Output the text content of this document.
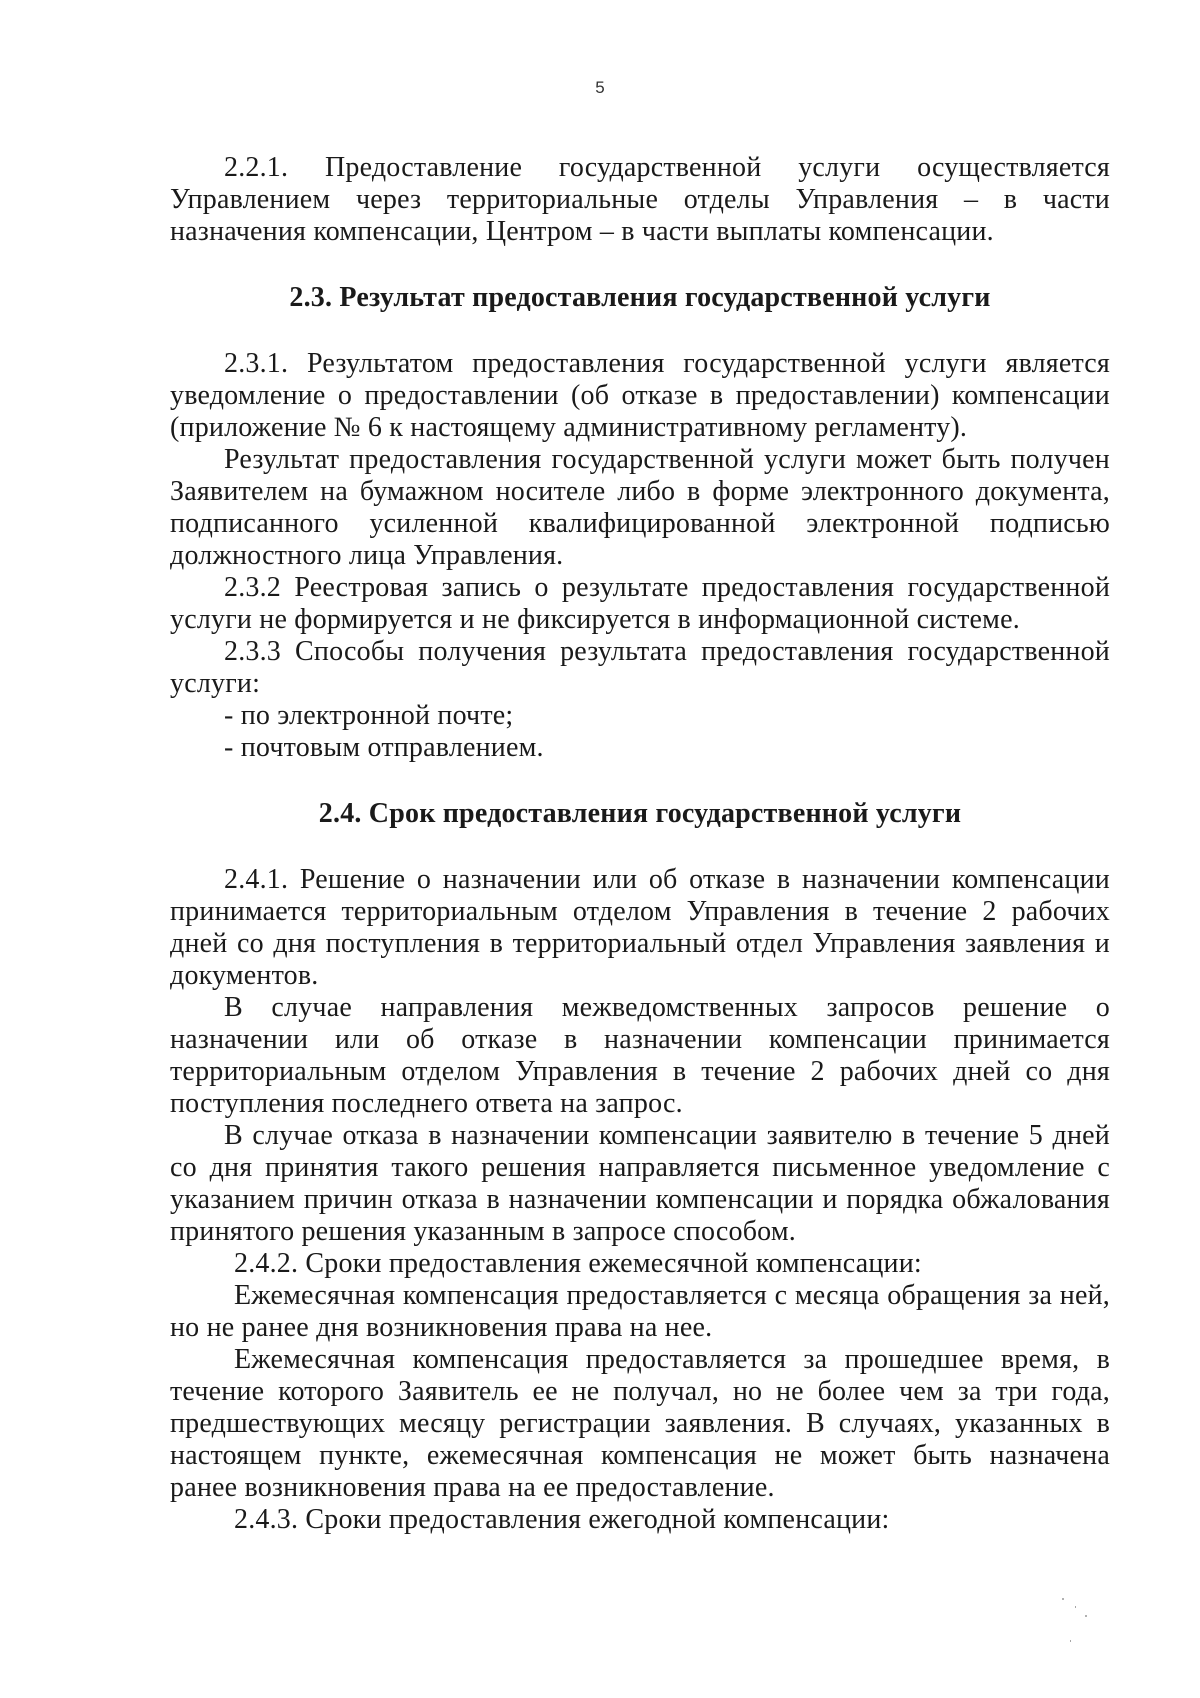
5

2.2.1. Предоставление государственной услуги осуществляется Управлением через территориальные отделы Управления – в части назначения компенсации, Центром – в части выплаты компенсации.

2.3. Результат предоставления государственной услуги

2.3.1. Результатом предоставления государственной услуги является уведомление о предоставлении (об отказе в предоставлении) компенсации (приложение № 6 к настоящему административному регламенту).

Результат предоставления государственной услуги может быть получен Заявителем на бумажном носителе либо в форме электронного документа, подписанного усиленной квалифицированной электронной подписью должностного лица Управления.

2.3.2 Реестровая запись о результате предоставления государственной услуги не формируется и не фиксируется в информационной системе.

2.3.3 Способы получения результата предоставления государственной услуги:

- по электронной почте;

- почтовым отправлением.

2.4. Срок предоставления государственной услуги

2.4.1. Решение о назначении или об отказе в назначении компенсации принимается территориальным отделом Управления в течение 2 рабочих дней со дня поступления в территориальный отдел Управления заявления и документов.

В случае направления межведомственных запросов решение о назначении или об отказе в назначении компенсации принимается территориальным отделом Управления в течение 2 рабочих дней со дня поступления последнего ответа на запрос.

В случае отказа в назначении компенсации заявителю в течение 5 дней со дня принятия такого решения направляется письменное уведомление с указанием причин отказа в назначении компенсации и порядка обжалования принятого решения указанным в запросе способом.

2.4.2. Сроки предоставления ежемесячной компенсации:

Ежемесячная компенсация предоставляется с месяца обращения за ней, но не ранее дня возникновения права на нее.

Ежемесячная компенсация предоставляется за прошедшее время, в течение которого Заявитель ее не получал, но не более чем за три года, предшествующих месяцу регистрации заявления. В случаях, указанных в настоящем пункте, ежемесячная компенсация не может быть назначена ранее возникновения права на ее предоставление.

2.4.3. Сроки предоставления ежегодной компенсации:
